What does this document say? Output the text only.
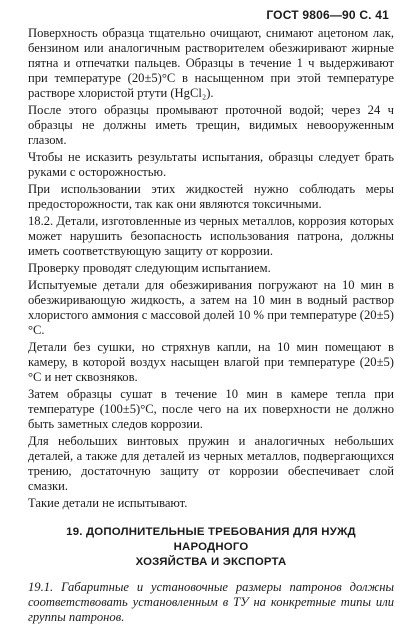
ГОСТ 9806—90 С. 41

Поверхность образца тщательно очищают, снимают ацетоном лак, бензином или аналогичным растворителем обезжиривают жирные пятна и отпечатки пальцев. Образцы в течение 1 ч выдерживают при температуре (20±5)°С в насыщенном при этой температуре растворе хлористой ртути (HgCl₂).

После этого образцы промывают проточной водой; через 24 ч образцы не должны иметь трещин, видимых невооруженным глазом.

Чтобы не исказить результаты испытания, образцы следует брать руками с осторожностью.

При использовании этих жидкостей нужно соблюдать меры предосторожности, так как они являются токсичными.

18.2. Детали, изготовленные из черных металлов, коррозия которых может нарушить безопасность использования патрона, должны иметь соответствующую защиту от коррозии.

Проверку проводят следующим испытанием.

Испытуемые детали для обезжиривания погружают на 10 мин в обезжиривающую жидкость, а затем на 10 мин в водный раствор хлористого аммония с массовой долей 10 % при температуре (20±5)°С.

Детали без сушки, но стряхнув капли, на 10 мин помещают в камеру, в которой воздух насыщен влагой при температуре (20±5)°С и нет сквозняков.

Затем образцы сушат в течение 10 мин в камере тепла при температуре (100±5)°С, после чего на их поверхности не должно быть заметных следов коррозии.

Для небольших винтовых пружин и аналогичных небольших деталей, а также для деталей из черных металлов, подвергающихся трению, достаточную защиту от коррозии обеспечивает слой смазки.

Такие детали не испытывают.

19. ДОПОЛНИТЕЛЬНЫЕ ТРЕБОВАНИЯ ДЛЯ НУЖД НАРОДНОГО
ХОЗЯЙСТВА И ЭКСПОРТА

19.1. Габаритные и установочные размеры патронов должны соответствовать установленным в ТУ на конкретные типы или группы патронов.
